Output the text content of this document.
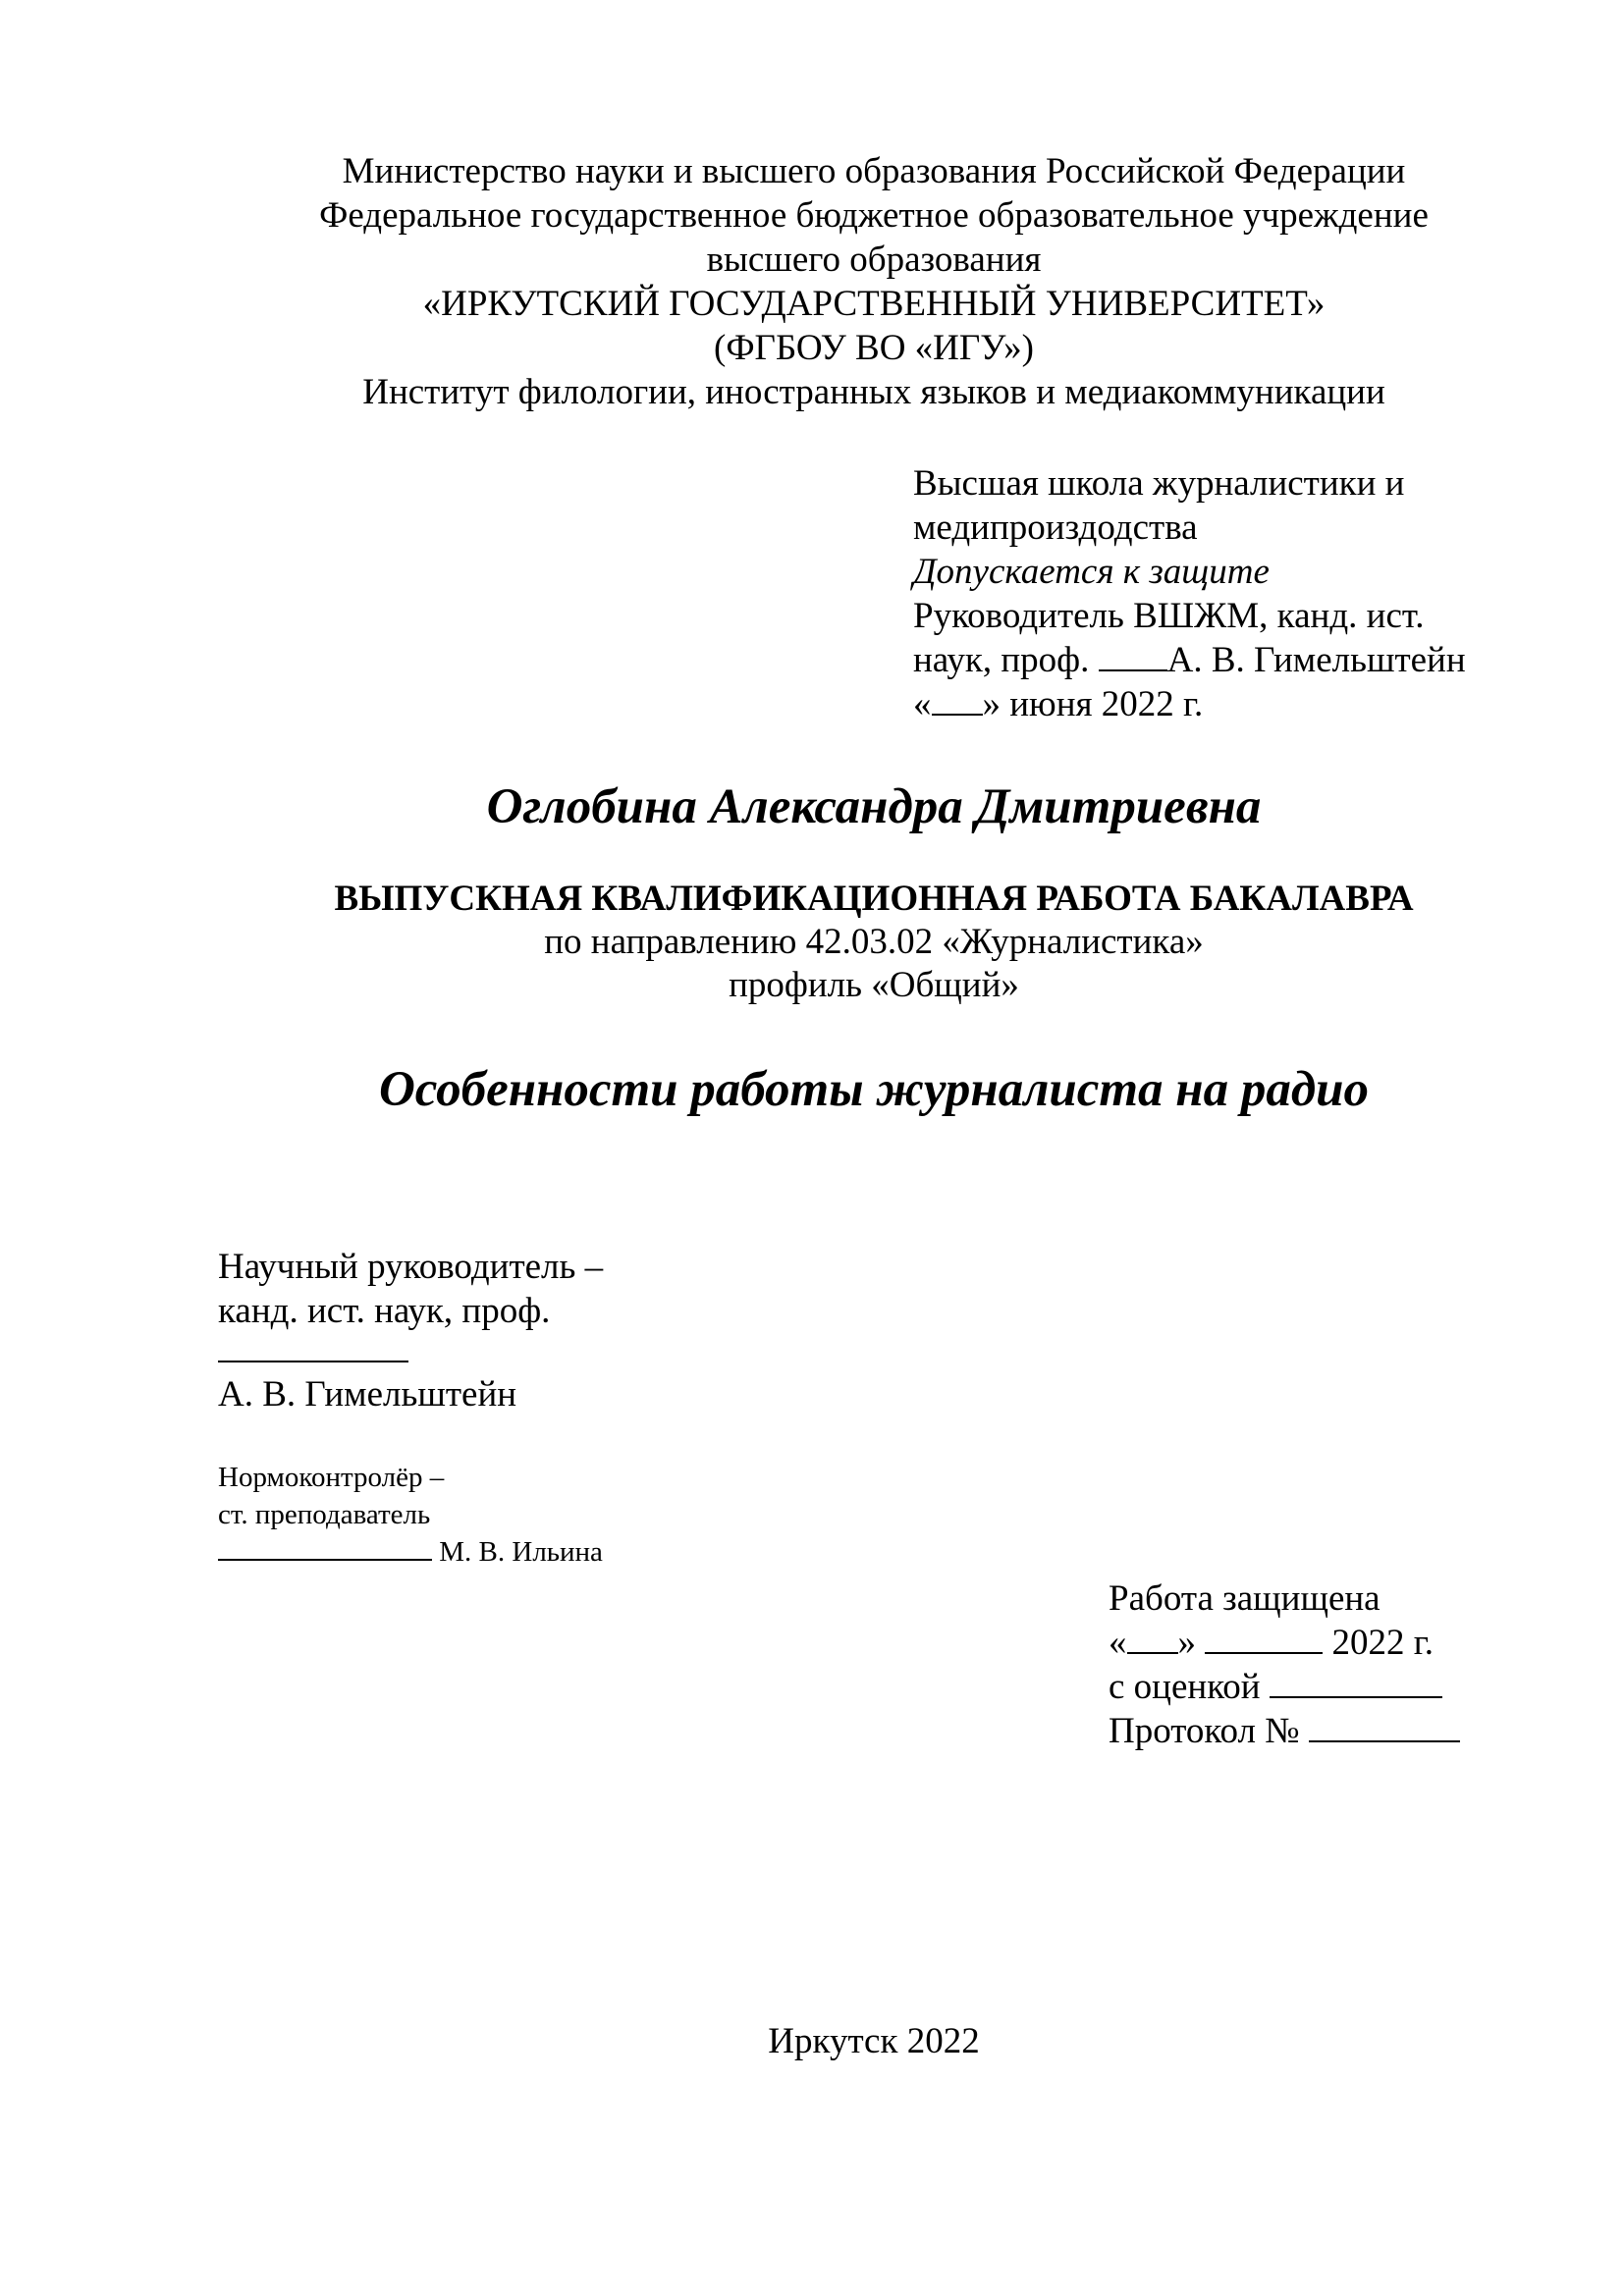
Министерство науки и высшего образования Российской Федерации
Федеральное государственное бюджетное образовательное учреждение
высшего образования
«ИРКУТСКИЙ ГОСУДАРСТВЕННЫЙ УНИВЕРСИТЕТ»
(ФГБОУ ВО «ИГУ»)
Институт филологии, иностранных языков и медиакоммуникации
Высшая школа журналистики и
медипроиздодства
Допускается к защите
Руководитель ВШЖМ, канд. ист.
наук, проф. А. В. Гимельштейн
« » июня 2022 г.
Оглобина Александра Дмитриевна
ВЫПУСКНАЯ КВАЛИФИКАЦИОННАЯ РАБОТА БАКАЛАВРА
по направлению 42.03.02 «Журналистика»
профиль «Общий»
Особенности работы журналиста на радио
Научный руководитель –
канд. ист. наук, проф.
А. В. Гимельштейн
Нормоконтролёр –
ст. преподаватель
М. В. Ильина
Работа защищена
« »	2022 г.
с оценкой
Протокол №
Иркутск 2022
